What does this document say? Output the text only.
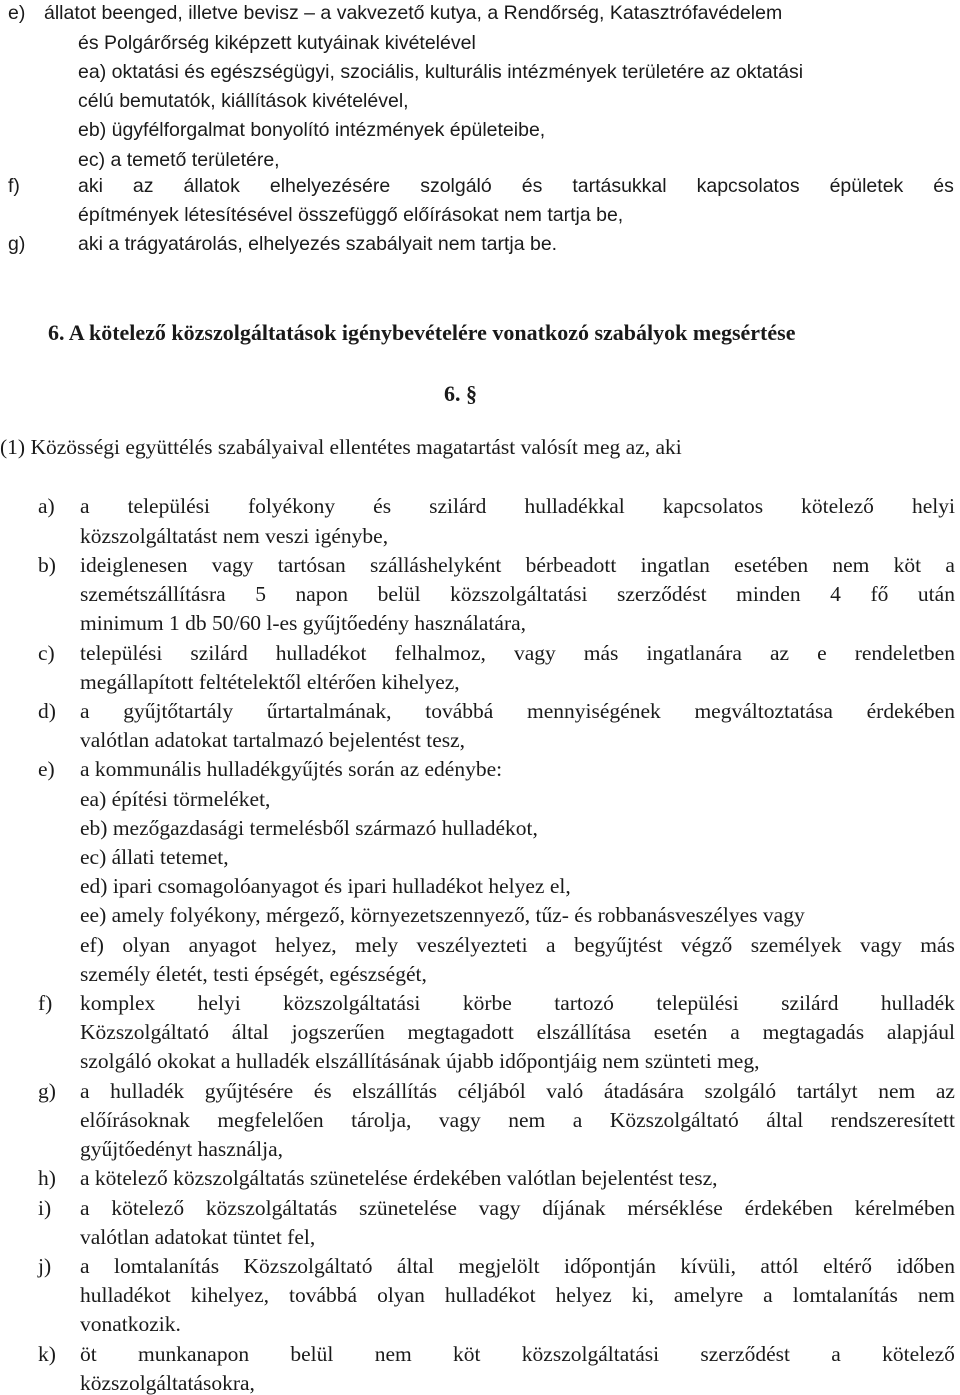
e) állatot beenged, illetve bevisz – a vakvezető kutya, a Rendőrség, Katasztrófavédelem
és Polgárőrség kiképzett kutyáinak kivételével
ea) oktatási és egészségügyi, szociális, kulturális intézmények területére az oktatási
célú bemutatók, kiállítások kivételével,
eb) ügyfélforgalmat bonyolító intézmények épületeibe,
ec) a temető területére,
f)	aki az állatok elhelyezésére szolgáló és tartásukkal kapcsolatos épületek és
építmények létesítésével összefüggő előírásokat nem tartja be,
g)	aki a trágyatárolás, elhelyezés szabályait nem tartja be.
6. A kötelező közszolgáltatások igénybevételére vonatkozó szabályok megsértése
6. §
(1) Közösségi együttélés szabályaival ellentétes magatartást valósít meg az, aki
a) a települési folyékony és szilárd hulladékkal kapcsolatos kötelező helyi
közszolgáltatást nem veszi igénybe,
b) ideiglenesen vagy tartósan szálláshelyként bérbeadott ingatlan esetében nem köt a
szemétszállításra 5 napon belül közszolgáltatási szerződést minden 4 fő után
minimum 1 db 50/60 l-es gyűjtőedény használatára,
c) települési szilárd hulladékot felhalmoz, vagy más ingatlanára az e rendeletben
megállapított feltételektől eltérően kihelyez,
d) a gyűjtőtartály űrtartalmának, továbbá mennyiségének megváltoztatása érdekében
valótlan adatokat tartalmazó bejelentést tesz,
e) a kommunális hulladékgyűjtés során az edénybe:
ea) építési törmeléket,
eb) mezőgazdasági termelésből származó hulladékot,
ec) állati tetemet,
ed) ipari csomagolóanyagot és ipari hulladékot helyez el,
ee) amely folyékony, mérgező, környezetszennyező, tűz- és robbanásveszélyes vagy
ef) olyan anyagot helyez, mely veszélyezteti a begyűjtést végző személyek vagy más
személy életét, testi épségét, egészségét,
f) komplex helyi közszolgáltatási körbe tartozó települési szilárd hulladék
Közszolgáltató által jogszerűen megtagadott elszállítása esetén a megtagadás alapjául
szolgáló okokat a hulladék elszállításának újabb időpontjáig nem szünteti meg,
g) a hulladék gyűjtésére és elszállítás céljából való átadására szolgáló tartályt nem az
előírásoknak megfelelően tárolja, vagy nem a Közszolgáltató által rendszeresített
gyűjtőedényt használja,
h) a kötelező közszolgáltatás szünetelése érdekében valótlan bejelentést tesz,
i) a kötelező közszolgáltatás szünetelése vagy díjának mérséklése érdekében kérelmében
valótlan adatokat tüntet fel,
j) a lomtalanítás Közszolgáltató által megjelölt időpontján kívüli, attól eltérő időben
hulladékot kihelyez, továbbá olyan hulladékot helyez ki, amelyre a lomtalanítás nem
vonatkozik.
k) öt munkanapon belül nem köt közszolgáltatási szerződést a kötelező
közszolgáltatásokra,
